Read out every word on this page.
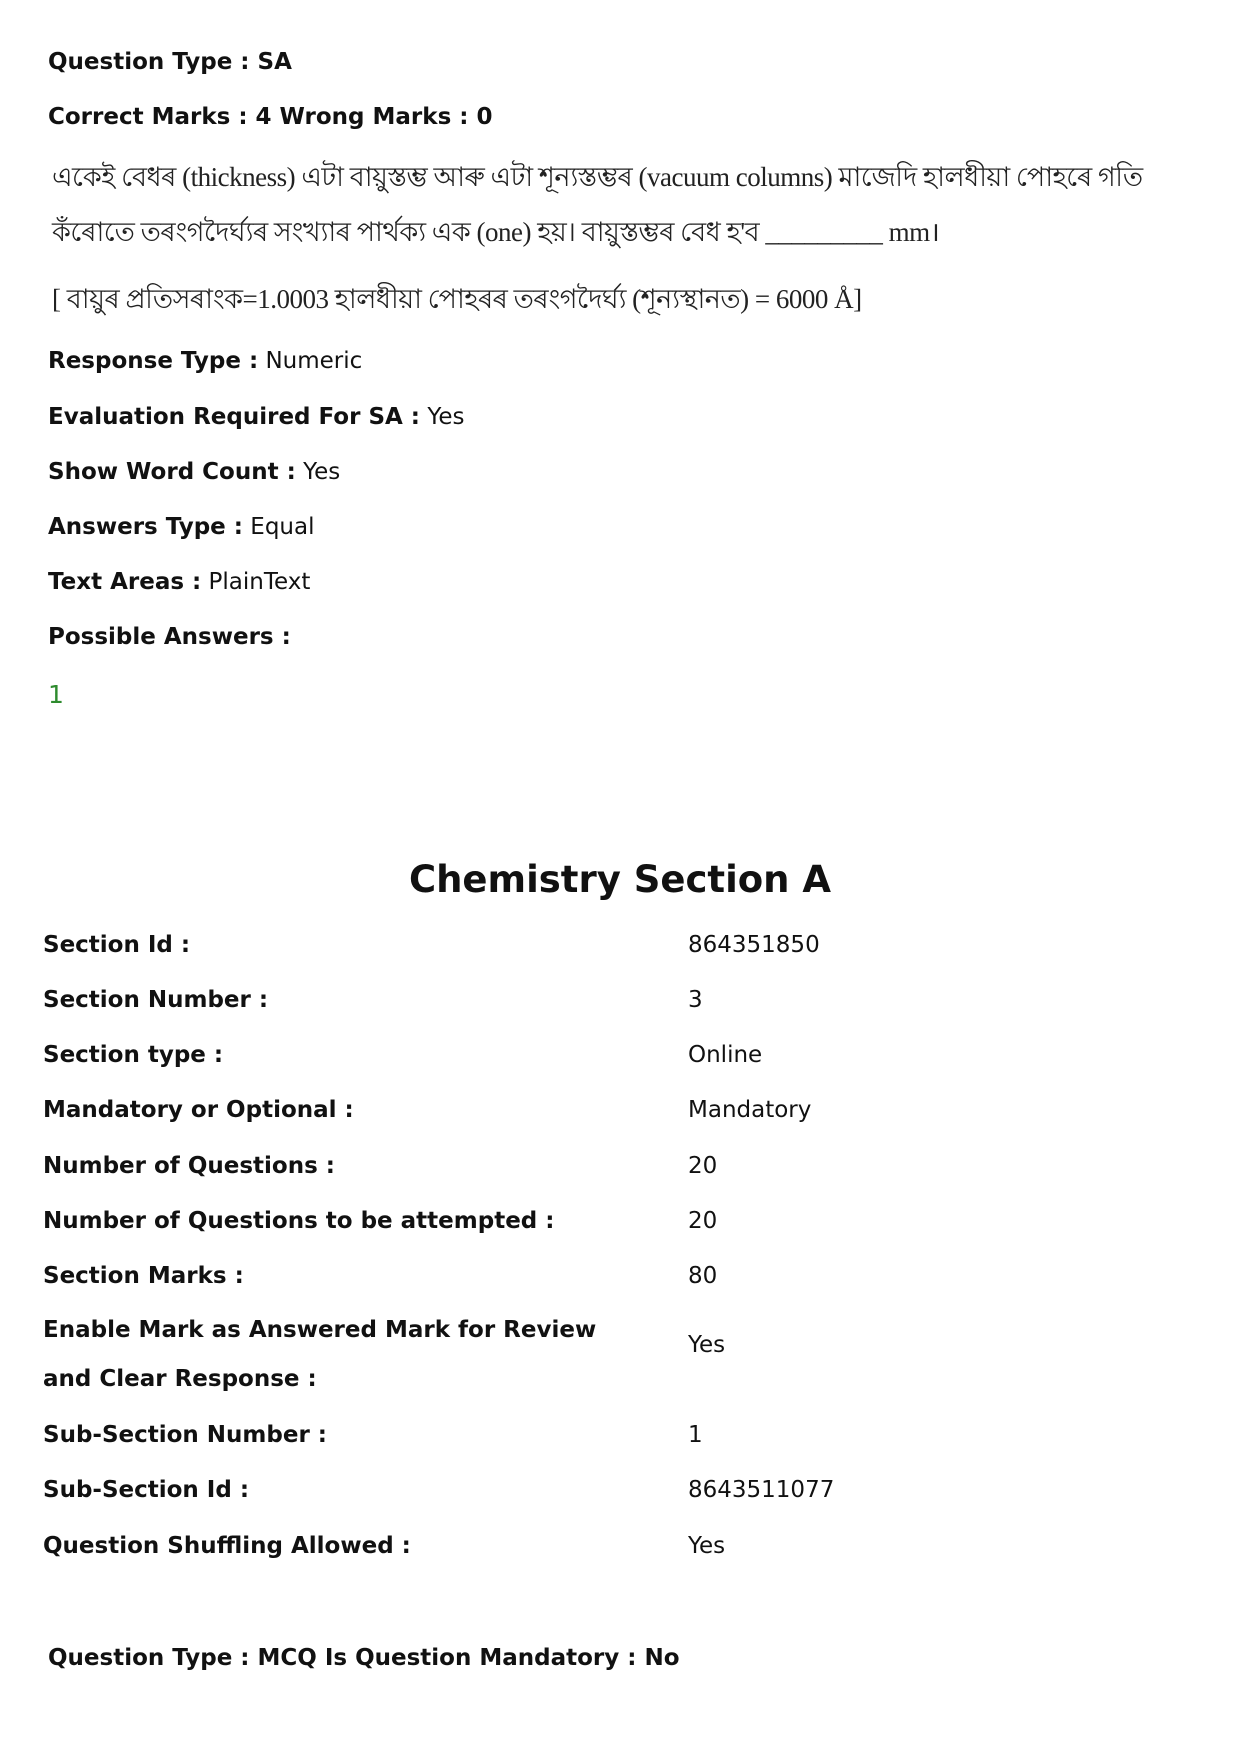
Question Type : SA
Correct Marks : 4 Wrong Marks : 0
একেই বেধৰ (thickness) এটা বায়ুস্তম্ভ আৰু এটা শূন্যস্তম্ভৰ (vacuum columns) মাজেদি হালধীয়া পোহৰে গতি
কঁৰোতে তৰংগদৈৰ্ঘ্যৰ সংখ্যাৰ পাৰ্থক্য এক (one) হয়। বায়ুস্তম্ভৰ বেধ হ'ব _________ mm।
[ বায়ুৰ প্ৰতিসৰাংক=1.0003 হালধীয়া পোহৰৰ তৰংগদৈৰ্ঘ্য (শূন্যস্থানত) = 6000 Å]
Response Type : Numeric
Evaluation Required For SA : Yes
Show Word Count : Yes
Answers Type : Equal
Text Areas : PlainText
Possible Answers :
1
Chemistry Section A
Section Id :	864351850
Section Number :	3
Section type :	Online
Mandatory or Optional :	Mandatory
Number of Questions :	20
Number of Questions to be attempted :	20
Section Marks :	80
Enable Mark as Answered Mark for Review and Clear Response :
Yes
Sub-Section Number :	1
Sub-Section Id :	8643511077
Question Shuffling Allowed :	Yes
Question Type : MCQ Is Question Mandatory : No
